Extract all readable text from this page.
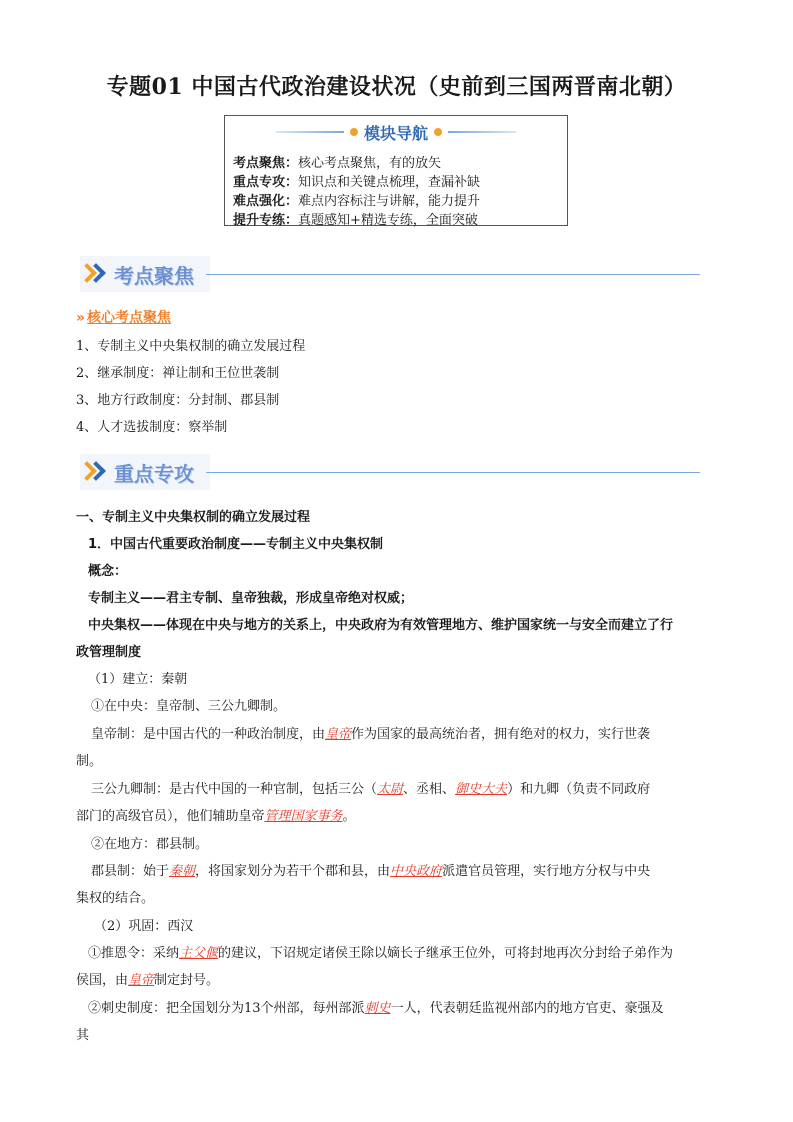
专题01 中国古代政治建设状况（史前到三国两晋南北朝）
模块导航
考点聚焦：核心考点聚焦，有的放矢
重点专攻：知识点和关键点梳理，查漏补缺
难点强化：难点内容标注与讲解，能力提升
提升专练：真题感知+精选专练，全面突破
考点聚焦
» 核心考点聚焦
1、专制主义中央集权制的确立发展过程
2、继承制度：禅让制和王位世袭制
3、地方行政制度：分封制、郡县制
4、人才选拔制度：察举制
重点专攻
一、专制主义中央集权制的确立发展过程
1．中国古代重要政治制度——专制主义中央集权制
概念：
专制主义——君主专制、皇帝独裁，形成皇帝绝对权威；
中央集权——体现在中央与地方的关系上，中央政府为有效管理地方、维护国家统一与安全而建立了行
政管理制度
（1）建立：秦朝
①在中央：皇帝制、三公九卿制。
皇帝制：是中国古代的一种政治制度，由皇帝作为国家的最高统治者，拥有绝对的权力，实行世袭
制。
三公九卿制：是古代中国的一种官制，包括三公（太尉、丞相、御史大夫）和九卿（负责不同政府
部门的高级官员），他们辅助皇帝管理国家事务。
②在地方：郡县制。
郡县制：始于秦朝，将国家划分为若干个郡和县，由中央政府派遣官员管理，实行地方分权与中央
集权的结合。
（2）巩固：西汉
①推恩令：采纳主父偃的建议，下诏规定诸侯王除以嫡长子继承王位外，可将封地再次分封给子弟作为
侯国，由皇帝制定封号。
②刺史制度：把全国划分为13个州部，每州部派刺史一人，代表朝廷监视州部内的地方官吏、豪强及
其
